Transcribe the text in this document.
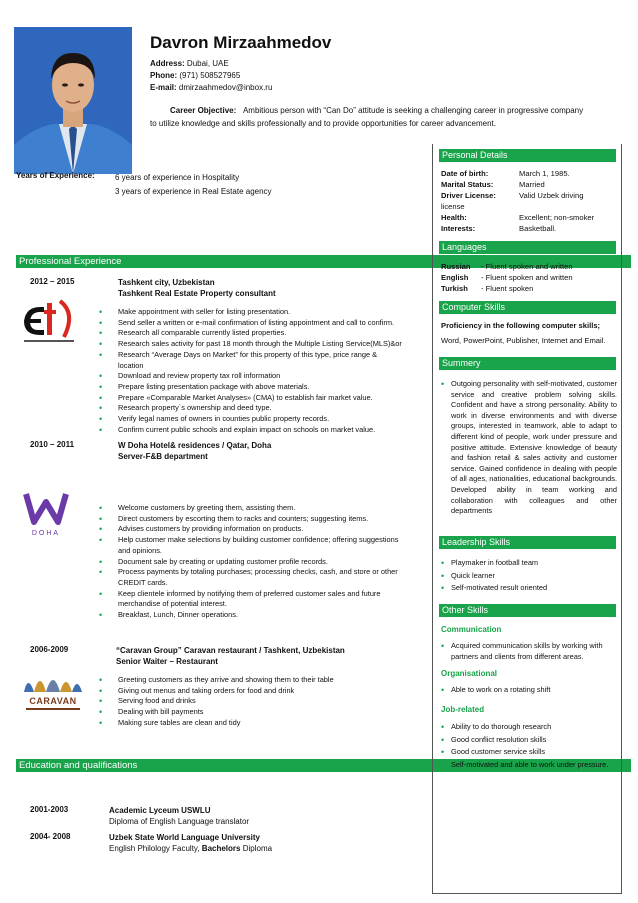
Davron Mirzaahmedov
Address: Dubai, UAE
Phone: (971) 508527965
E-mail: dmirzaahmedov@inbox.ru
Career Objective: Ambitious person with “Can Do” attitude is seeking a challenging career in progressive company
to utilize knowledge and skills professionally and to provide opportunities for career advancement.
Years of Experience:	6 years of experience in Hospitality
3 years of experience in Real Estate agency
Professional Experience
2012 – 2015	Tashkent city, Uzbekistan
Tashkent Real Estate Property consultant
• Make appointment with seller for listing presentation.
• Send seller a written or e-mail confirmation of listing appointment and call to confirm.
• Research all comparable currently listed properties.
• Research sales activity for past 18 month through the Multiple Listing Service(MLS)&or
• Research “Average Days on Market” for this property of this type, price range &
location
• Download and review property tax roll information
• Prepare listing presentation package with above materials.
• Prepare «Comparable Market Analyses» (CMA) to establish fair market value.
• Research property`s ownership and deed type.
• Verify legal names of owners in counties public property records.
• Confirm current public schools and explain impact on schools on market value.
2010 – 2011	W Doha Hotel& residences / Qatar, Doha
Server-F&B department
DOHA
• Welcome customers by greeting them, assisting them.
• Direct customers by escorting them to racks and counters; suggesting items.
• Advises customers by providing information on products.
• Help customer make selections by building customer confidence; offering suggestions
and opinions.
• Document sale by creating or updating customer profile records.
• Process payments by totaling purchases; processing checks, cash, and store or other
CREDIT cards.
• Keep clientele informed by notifying them of preferred customer sales and future
merchandise of potential interest.
• Breakfast, Lunch, Dinner operations.
2006-2009	“Caravan Group” Caravan restaurant / Tashkent, Uzbekistan
Senior Waiter – Restaurant
CARAVAN
• Greeting customers as they arrive and showing them to their table
• Giving out menus and taking orders for food and drink
• Serving food and drinks
• Dealing with bill payments
• Making sure tables are clean and tidy
Education and qualifications
2001-2003	Academic Lyceum USWLU
Diploma of English Language translator
2004- 2008	Uzbek State World Language University
English Philology Faculty, Bachelors Diploma
Personal Details
Date of birth:	March 1, 1985.
Marital Status:	Married
Driver License:	Valid Uzbek driving
license
Health:	Excellent; non-smoker
Interests:	Basketball.
Languages
Russian - Fluent spoken and written
English - Fluent spoken and written
Turkish - Fluent spoken
Computer Skills
Proficiency in the following computer skills;
Word, PowerPoint, Publisher, Internet and Email.
Summery
• Outgoing personality with self-motivated, customer service and creative problem solving skills. Confident and have a strong personality. Ability to work in diverse environments and with diverse groups, interested in teamwork, able to adapt to different kind of people, work under pressure and positive attitude. Extensive knowledge of beauty and fashion retail & sales activity and customer service. Gained confidence in dealing with people of all ages, nationalities, educational backgrounds. Developed ability in team working and collaboration with colleagues and other departments
Leadership Skills
• Playmaker in football team
• Quick learner
• Self-motivated result oriented
Other Skills
Communication
• Acquired communication skills by working with partners and clients from different areas.
Organisational
• Able to work on a rotating shift
Job-related
• Ability to do thorough research
• Good conflict resolution skills
• Good customer service skills
• Self-motivated and able to work under pressure.
